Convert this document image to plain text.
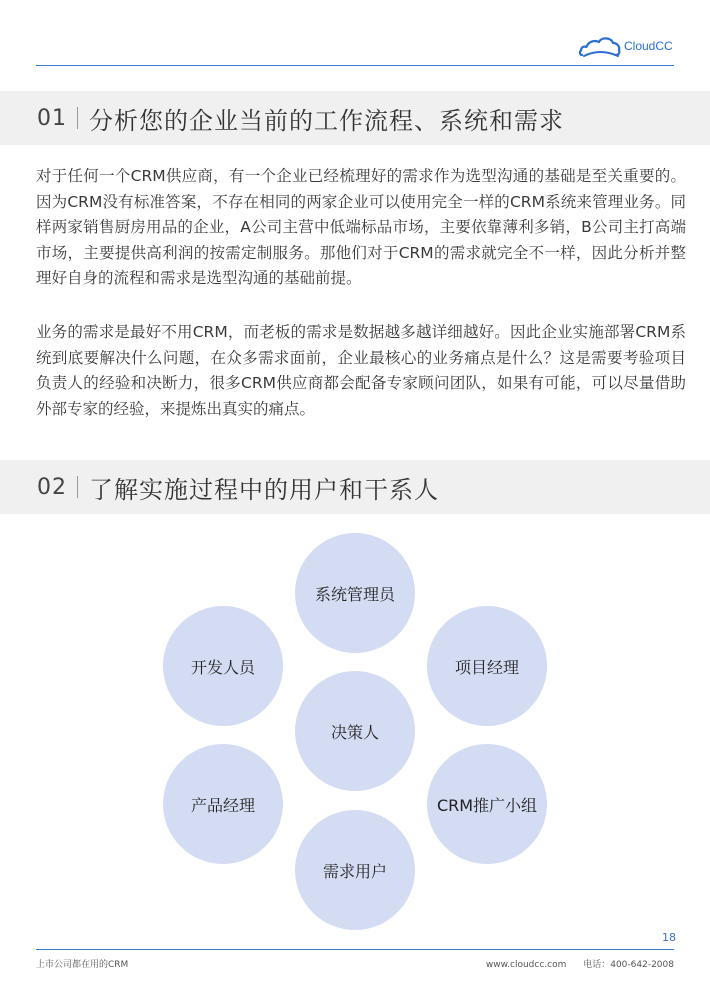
CloudCC
01 分析您的企业当前的工作流程、系统和需求

对于任何一个CRM供应商，有一个企业已经梳理好的需求作为选型沟通的基础是至关重要的。因为CRM没有标准答案，不存在相同的两家企业可以使用完全一样的CRM系统来管理业务。同样两家销售厨房用品的企业，A公司主营中低端标品市场，主要依靠薄利多销，B公司主打高端市场，主要提供高利润的按需定制服务。那他们对于CRM的需求就完全不一样，因此分析并整理好自身的流程和需求是选型沟通的基础前提。

业务的需求是最好不用CRM，而老板的需求是数据越多越详细越好。因此企业实施部署CRM系统到底要解决什么问题，在众多需求面前，企业最核心的业务痛点是什么？这是需要考验项目负责人的经验和决断力，很多CRM供应商都会配备专家顾问团队，如果有可能，可以尽量借助外部专家的经验，来提炼出真实的痛点。

02 了解实施过程中的用户和干系人
系统管理员
开发人员	项目经理
决策人
产品经理	CRM推广小组
需求用户
18
上市公司都在用的CRM	www.cloudcc.com 电话：400-642-2008
